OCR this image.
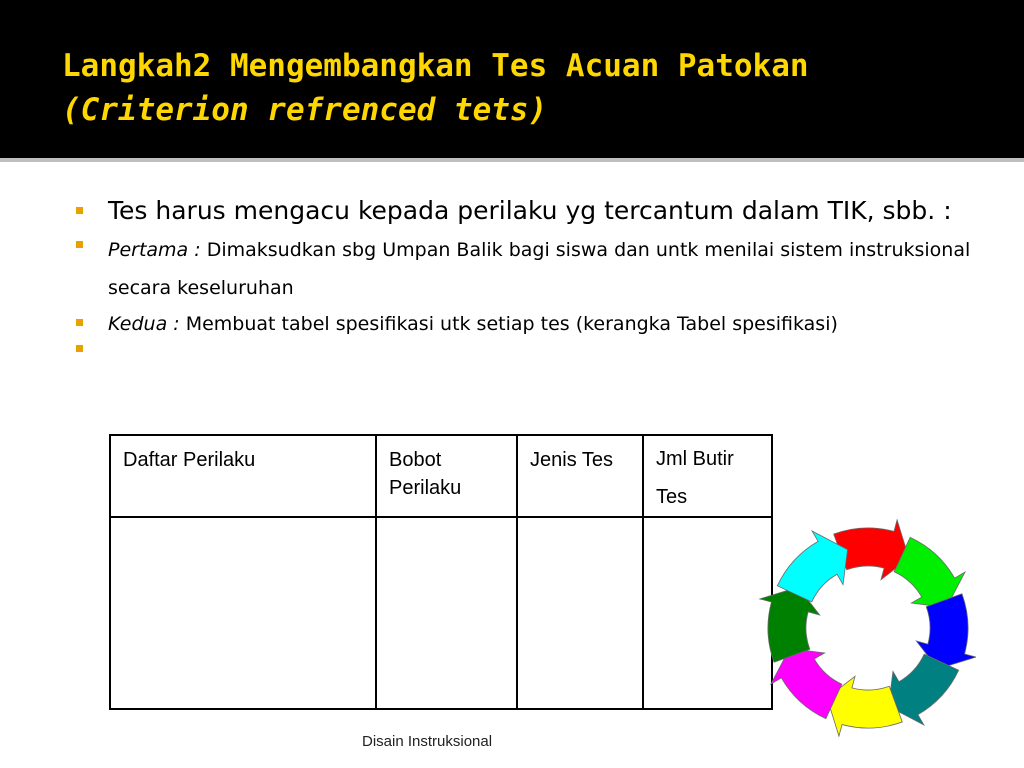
Langkah2 Mengembangkan Tes Acuan Patokan
(Criterion refrenced tets)
Tes harus mengacu kepada perilaku yg tercantum dalam TIK, sbb. :
Pertama : Dimaksudkan sbg Umpan Balik bagi siswa dan untk menilai sistem instruksional secara keseluruhan
Kedua : Membuat tabel spesifikasi utk setiap tes (kerangka Tabel spesifikasi)
Daftar Perilaku	Bobot Perilaku	Jenis Tes	Jml Butir Tes

Disain Instruksional
